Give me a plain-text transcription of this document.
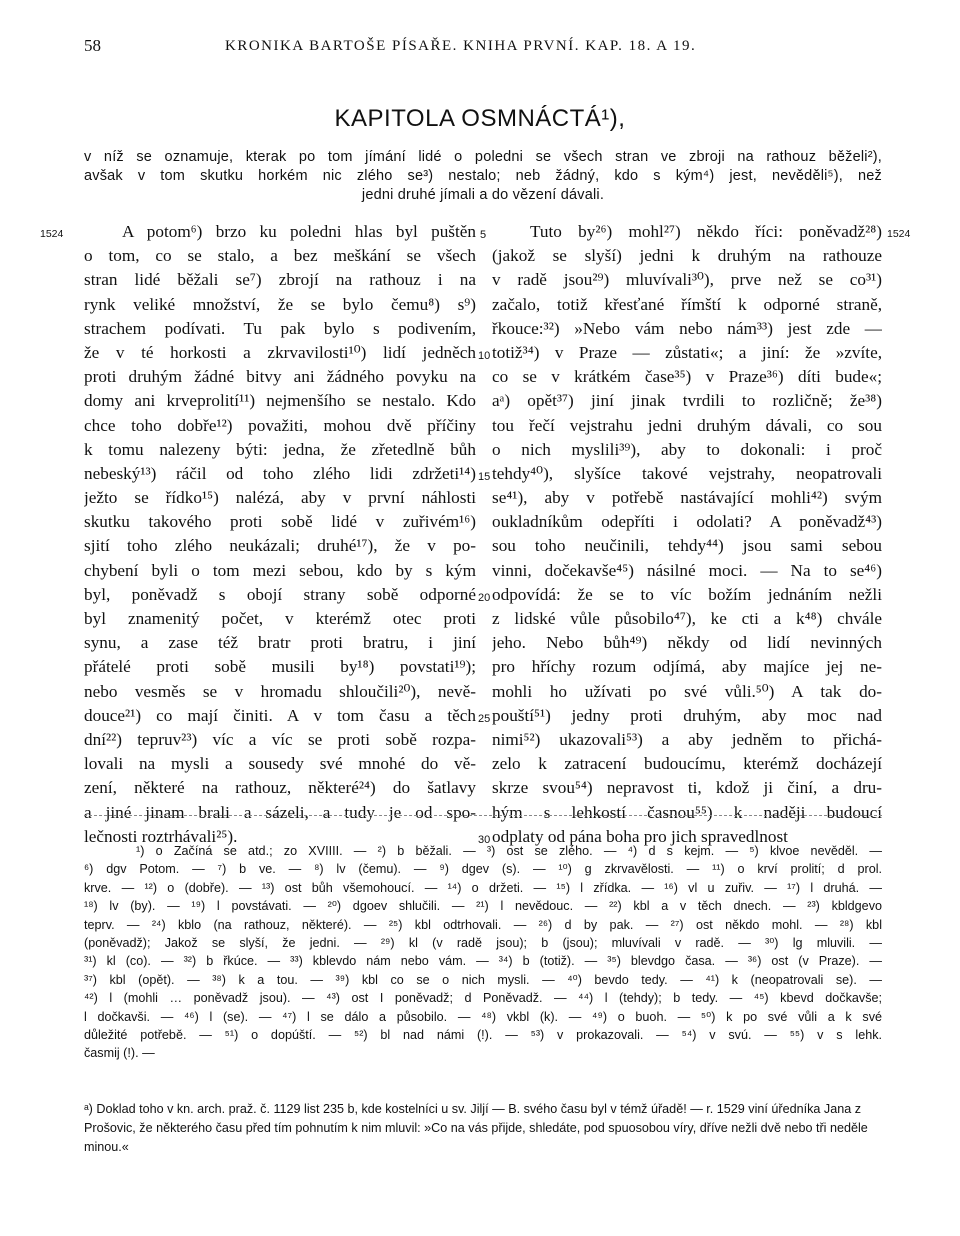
58	KRONIKA BARTOŠE PÍSAŘE. KNIHA PRVNÍ. KAP. 18. A 19.
KAPITOLA OSMNÁCTÁ¹),
v níž se oznamuje, kterak po tom jímání lidé o poledni se všech stran ve zbroji na rathouz běželi²),
avšak v tom skutku horkém nic zlého se³) nestalo; neb žádný, kdo s kým⁴) jest, nevěděli⁵), než
jedni druhé jímali a do vězení dávali.
1524	1524
5
10
15
20
25
30
A potom⁶) brzo ku poledni hlas byl puštěn
o tom, co se stalo, a bez meškání se všech
stran lidé běžali se⁷) zbrojí na rathouz i na
rynk veliké množství, že se bylo čemu⁸) s⁹)
strachem podívati. Tu pak bylo s podivením,
že v té horkosti a zkrvavilosti¹⁰) lidí jedněch
proti druhým žádné bitvy ani žádného povyku na
domy ani krveprolití¹¹) nejmenšího se nestalo. Kdo
chce toho dobře¹²) považiti, mohou dvě příčiny
k tomu nalezeny býti: jedna, že zřetedlně bůh
nebeský¹³) ráčil od toho zlého lidi zdržeti¹⁴)
ježto se řídko¹⁵) nalézá, aby v první náhlosti
skutku takového proti sobě lidé v zuřivém¹⁶)
sjití toho zlého neukázali; druhé¹⁷), že v po-
chybení byli o tom mezi sebou, kdo by s kým
byl, poněvadž s obojí strany sobě odporné
byl znamenitý počet, v kterémž otec proti
synu, a zase též bratr proti bratru, i jiní
přátelé proti sobě musili by¹⁸) povstati¹⁹);
nebo vesměs se v hromadu shloučili²⁰), nevě-
douce²¹) co mají činiti. A v tom času a těch
dní²²) tepruv²³) víc a víc se proti sobě rozpa-
lovali na mysli a sousedy své mnohé do vě-
zení, některé na rathouz, některé²⁴) do šatlavy
a jiné jinam brali a sázeli, a tudy je od spo-
lečnosti roztrhávali²⁵).
Tuto by²⁶) mohl²⁷) někdo říci: poněvadž²⁸)
(jakož se slyší) jedni k druhým na rathouze
v radě jsou²⁹) mluvívali³⁰), prve než se co³¹)
začalo, totiž křesťané římští k odporné straně,
řkouce:³²) »Nebo vám nebo nám³³) jest zde —
totiž³⁴) v Praze — zůstati«; a jiní: že »zvíte,
co se v krátkém čase³⁵) v Praze³⁶) díti bude«;
aᵃ) opět³⁷) jiní jinak tvrdili to rozličně; že³⁸)
tou řečí vejstrahu jedni druhým dávali, co sou
o nich myslili³⁹), aby to dokonali: i proč
tehdy⁴⁰), slyšíce takové vejstrahy, neopatrovali
se⁴¹), aby v potřebě nastávající mohli⁴²) svým
oukladníkům odepříti i odolati? A poněvadž⁴³)
sou toho neučinili, tehdy⁴⁴) jsou sami sebou
vinni, dočekavše⁴⁵) násilné moci. — Na to se⁴⁶)
odpovídá: že se to víc božím jednáním nežli
z lidské vůle působilo⁴⁷), ke cti a k⁴⁸) chvále
jeho. Nebo bůh⁴⁹) někdy od lidí nevinných
pro hříchy rozum odjímá, aby majíce jej ne-
mohli ho užívati po své vůli.⁵⁰) A tak do-
pouští⁵¹) jedny proti druhým, aby moc nad
nimi⁵²) ukazovali⁵³) a aby jedněm to přichá-
zelo k zatracení budoucímu, kterémž docházejí
skrze svou⁵⁴) nepravost ti, kdož ji činí, a dru-
hým s lehkostí časnou⁵⁵) k naději budoucí
odplaty od pána boha pro jich spravedlnost
¹) o Začíná se atd.; zo XVIIII. — ²) b běžali. — ³) ost se zlého. — ⁴) d s kejm. — ⁵) klvoe nevěděl. —
⁶) dgv Potom. — ⁷) b ve. — ⁸) lv (čemu). — ⁹) dgev (s). — ¹⁰) g zkrvavělosti. — ¹¹) o krví prolití; d prol.
krve. — ¹²) o (dobře). — ¹³) ost bůh všemohoucí. — ¹⁴) o držeti. — ¹⁵) l zřídka. — ¹⁶) vl u zuřiv. — ¹⁷) l druhá. —
¹⁸) lv (by). — ¹⁹) l povstávati. — ²⁰) dgoev shlučili. — ²¹) l nevědouc. — ²²) kbl a v těch dnech. — ²³) kbldgevo
teprv. — ²⁴) kblo (na rathouz, některé). — ²⁵) kbl odtrhovali. — ²⁶) d by pak. — ²⁷) ost někdo mohl. — ²⁸) kbl
(poněvadž); Jakož se slyší, že jedni. — ²⁹) kl (v radě jsou); b (jsou); mluvívali v radě. — ³⁰) lg mluvili. —
³¹) kl (co). — ³²) b řkúce. — ³³) kblevdo nám nebo vám. — ³⁴) b (totiž). — ³⁵) blevdgo časa. — ³⁶) ost (v Praze). —
³⁷) kbl (opět). — ³⁸) k a tou. — ³⁹) kbl co se o nich mysli. — ⁴⁰) bevdo tedy. — ⁴¹) k (neopatrovali se). —
⁴²) l (mohli … poněvadž jsou). — ⁴³) ost I poněvadž; d Poněvadž. — ⁴⁴) l (tehdy); b tedy. — ⁴⁵) kbevd dočkavše;
l dočkavši. — ⁴⁶) l (se). — ⁴⁷) l se dálo a působilo. — ⁴⁸) vkbl (k). — ⁴⁹) o buoh. — ⁵⁰) k po své vůli a k své
důležité potřebě. — ⁵¹) o dopúští. — ⁵²) bl nad námi (!). — ⁵³) v prokazovali. — ⁵⁴) v svú. — ⁵⁵) v s lehk.
časmij (!). —
ᵃ) Doklad toho v kn. arch. praž. č. 1129 list 235 b, kde kostelníci u sv. Jiljí — B. svého času byl v témž úřadě! — r. 1529 viní úředníka Jana z Prošovic, že některého času před tím pohnutím k nim mluvil: »Co na vás přijde, shledáte, pod spuosobou víry, dříve nežli dvě nebo tři neděle minou.«
